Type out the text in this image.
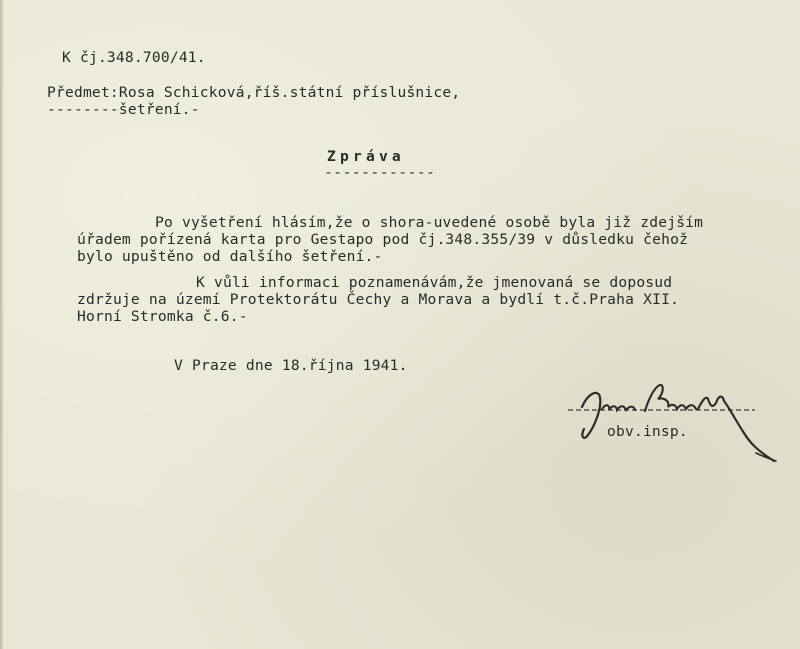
K čj.348.700/41.

Předmet:Rosa Schicková,říš.státní příslušnice,

--------šetření.-

Zpráva

------------

Po vyšetření hlásím,že o shora-uvedené osobě byla již zdejším

úřadem pořízená karta pro Gestapo pod čj.348.355/39 v důsledku čehož

bylo upuštěno od dalšího šetření.-

K vůli informaci poznamenávám,že jmenovaná se doposud

zdržuje na území Protektorátu Čechy a Morava a bydlí t.č.Praha XII.

Horní Stromka č.6.-

V Praze dne 18.října 1941.

obv.insp.
